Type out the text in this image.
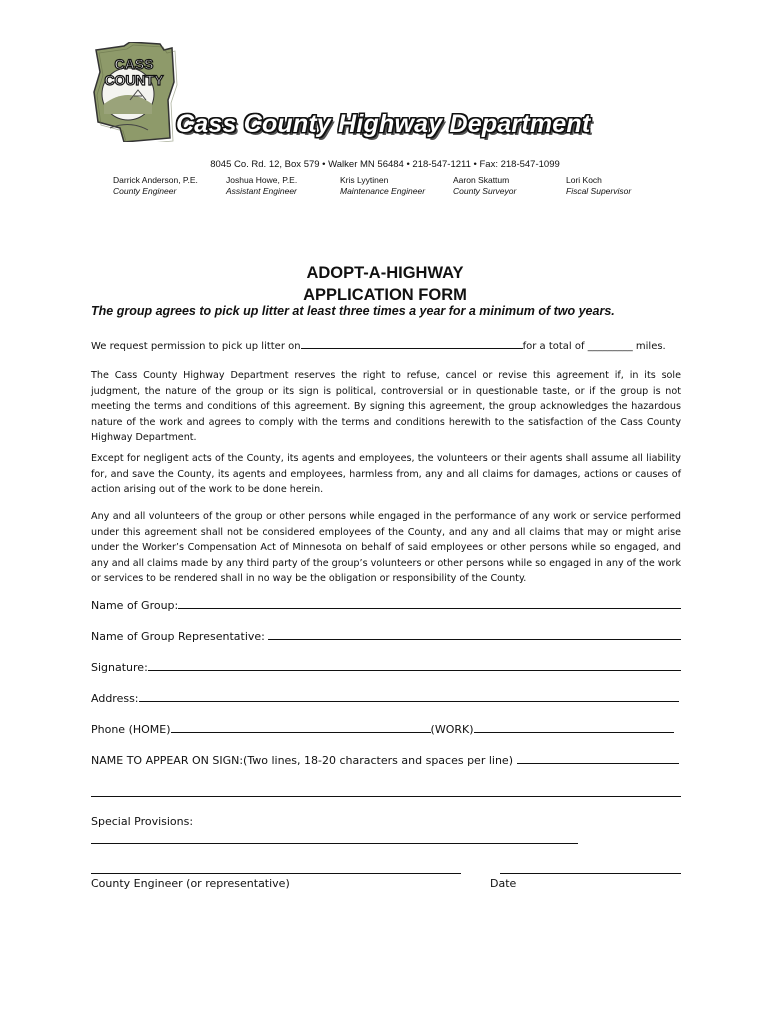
CASS
COUNTY
Cass County Highway Department
8045 Co. Rd. 12, Box 579 • Walker MN 56484 • 218-547-1211 • Fax: 218-547-1099
Darrick Anderson, P.E.
County Engineer
Joshua Howe, P.E.
Assistant Engineer
Kris Lyytinen
Maintenance Engineer
Aaron Skattum
County Surveyor
Lori Koch
Fiscal Supervisor
ADOPT-A-HIGHWAY
APPLICATION FORM
The group agrees to pick up litter at least three times a year for a minimum of two years.
We request permission to pick up litter on	for a total of _________ miles.

The Cass County Highway Department reserves the right to refuse, cancel or revise this agreement if, in its sole judgment, the nature of the group or its sign is political, controversial or in questionable taste, or if the group is not meeting the terms and conditions of this agreement. By signing this agreement, the group acknowledges the hazardous nature of the work and agrees to comply with the terms and conditions herewith to the satisfaction of the Cass County Highway Department.

Except for negligent acts of the County, its agents and employees, the volunteers or their agents shall assume all liability for, and save the County, its agents and employees, harmless from, any and all claims for damages, actions or causes of action arising out of the work to be done herein.

Any and all volunteers of the group or other persons while engaged in the performance of any work or service performed under this agreement shall not be considered employees of the County, and any and all claims that may or might arise under the Worker’s Compensation Act of Minnesota on behalf of said employees or other persons while so engaged, and any and all claims made by any third party of the group’s volunteers or other persons while so engaged in any of the work or services to be rendered shall in no way be the obligation or responsibility of the County.

Name of Group:
Name of Group Representative:
Signature:
Address:
Phone (HOME)	(WORK)
NAME TO APPEAR ON SIGN:(Two lines, 18-20 characters and spaces per line)
Special Provisions:
County Engineer (or representative)	Date
